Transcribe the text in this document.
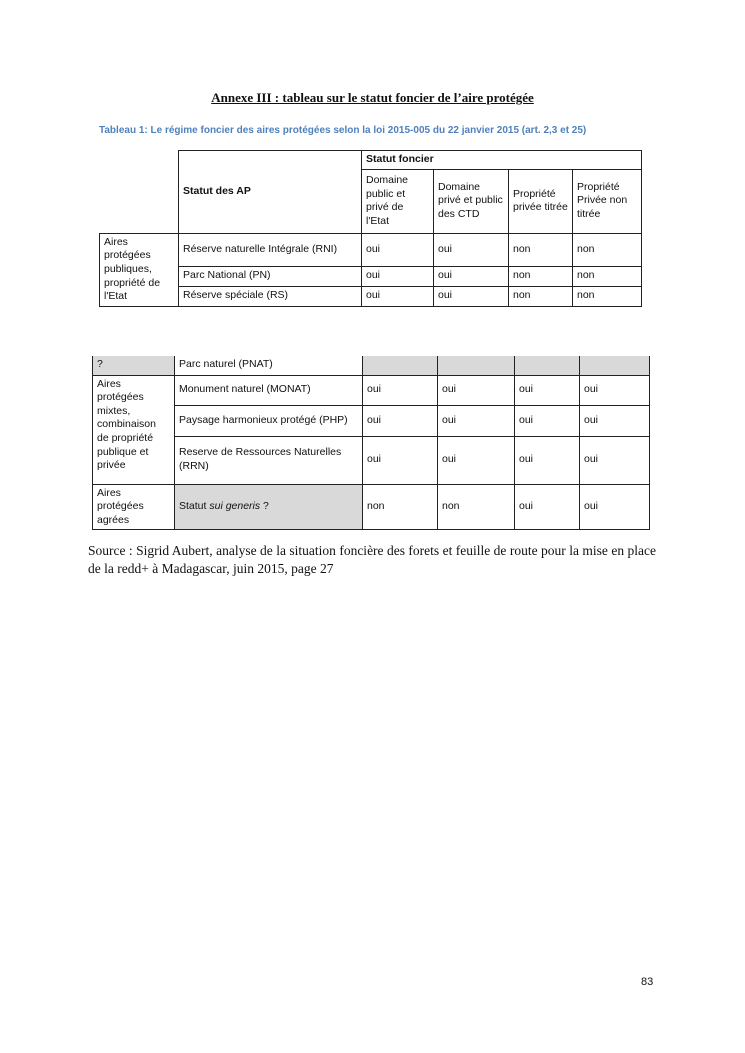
Annexe III : tableau sur le statut foncier de l’aire protégée
Tableau 1: Le régime foncier des aires protégées selon la loi 2015-005 du 22 janvier 2015 (art. 2,3 et 25)
	Statut des AP	Statut foncier			
		Domaine public et privé de l'Etat	Domaine privé et public des CTD	Propriété privée titrée	Propriété Privée non titrée
Aires protégées publiques, propriété de l'Etat	Réserve naturelle Intégrale (RNI)	oui	oui	non	non
	Parc National (PN)	oui	oui	non	non
	Réserve spéciale (RS)	oui	oui	non	non
?	Parc naturel (PNAT)				
Aires protégées mixtes, combinaison de propriété publique et privée	Monument naturel (MONAT)	oui	oui	oui	oui
	Paysage harmonieux protégé (PHP)	oui	oui	oui	oui
	Reserve de Ressources Naturelles (RRN)	oui	oui	oui	oui
Aires protégées agrées	Statut sui generis ?	non	non	oui	oui
Source : Sigrid Aubert, analyse de la situation foncière des forets et feuille de route pour la mise en place de la redd+ à Madagascar, juin 2015, page 27
83
